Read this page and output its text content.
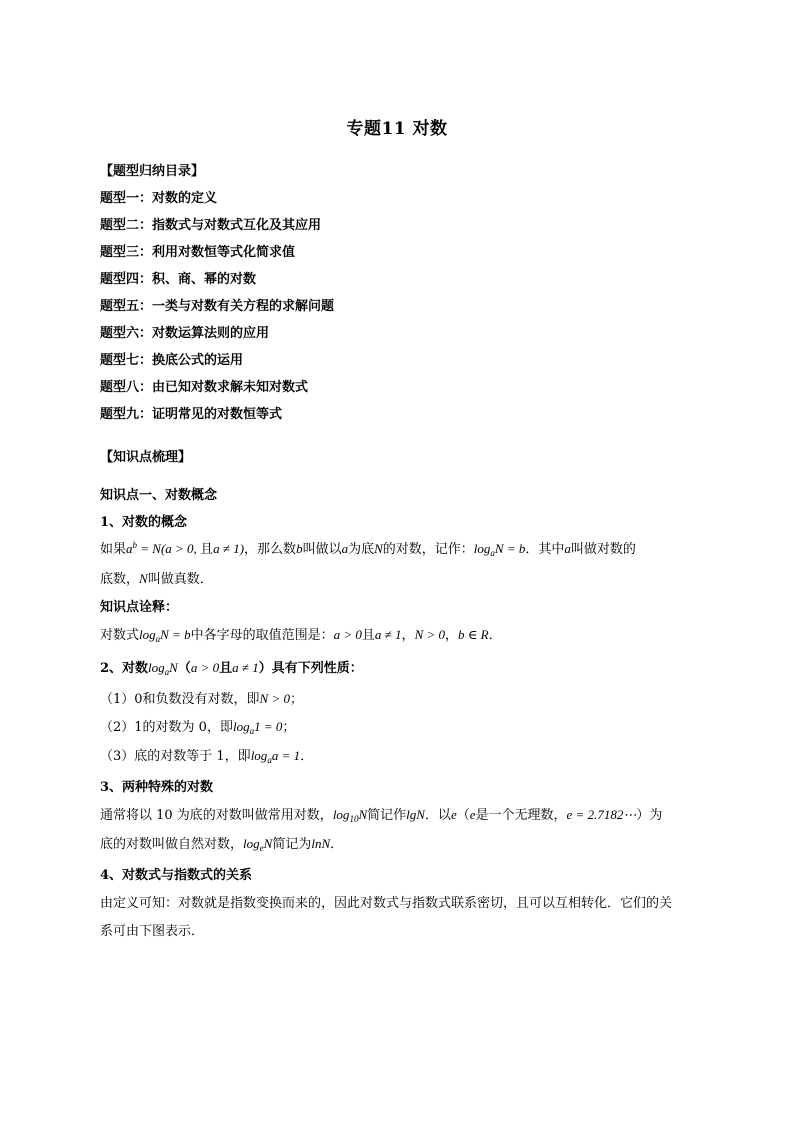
专题11 对数
【题型归纳目录】
题型一：对数的定义
题型二：指数式与对数式互化及其应用
题型三：利用对数恒等式化简求值
题型四：积、商、幂的对数
题型五：一类与对数有关方程的求解问题
题型六：对数运算法则的应用
题型七：换底公式的运用
题型八：由已知对数求解未知对数式
题型九：证明常见的对数恒等式
【知识点梳理】
知识点一、对数概念
1、对数的概念
如果$a^b = N(a > 0$, 且a ≠ 1)，那么数b叫做以a为底N的对数，记作：$\log_aN = b$．其中a叫做对数的
底数，N叫做真数．
知识点诠释：
对数式$\log_aN = b$中各字母的取值范围是：a > 0且a ≠ 1，N > 0，b ∈ R．
2、对数$\log_aN(a > 0$且a ≠ 1）具有下列性质：
（1）0和负数没有对数，即N > 0；
（2）1的对数为 0，即$\log_a1 = 0$；
（3）底的对数等于 1，即$\log_aa = 1$．
3、两种特殊的对数
通常将以 10 为底的对数叫做常用对数，$\log_{10}N$简记作lgN．以e（e是一个无理数，e = 2.7182⋯）为
底的对数叫做自然对数，$\log_eN$简记为lnN．
4、对数式与指数式的关系
由定义可知：对数就是指数变换而来的，因此对数式与指数式联系密切，且可以互相转化．它们的关
系可由下图表示．
